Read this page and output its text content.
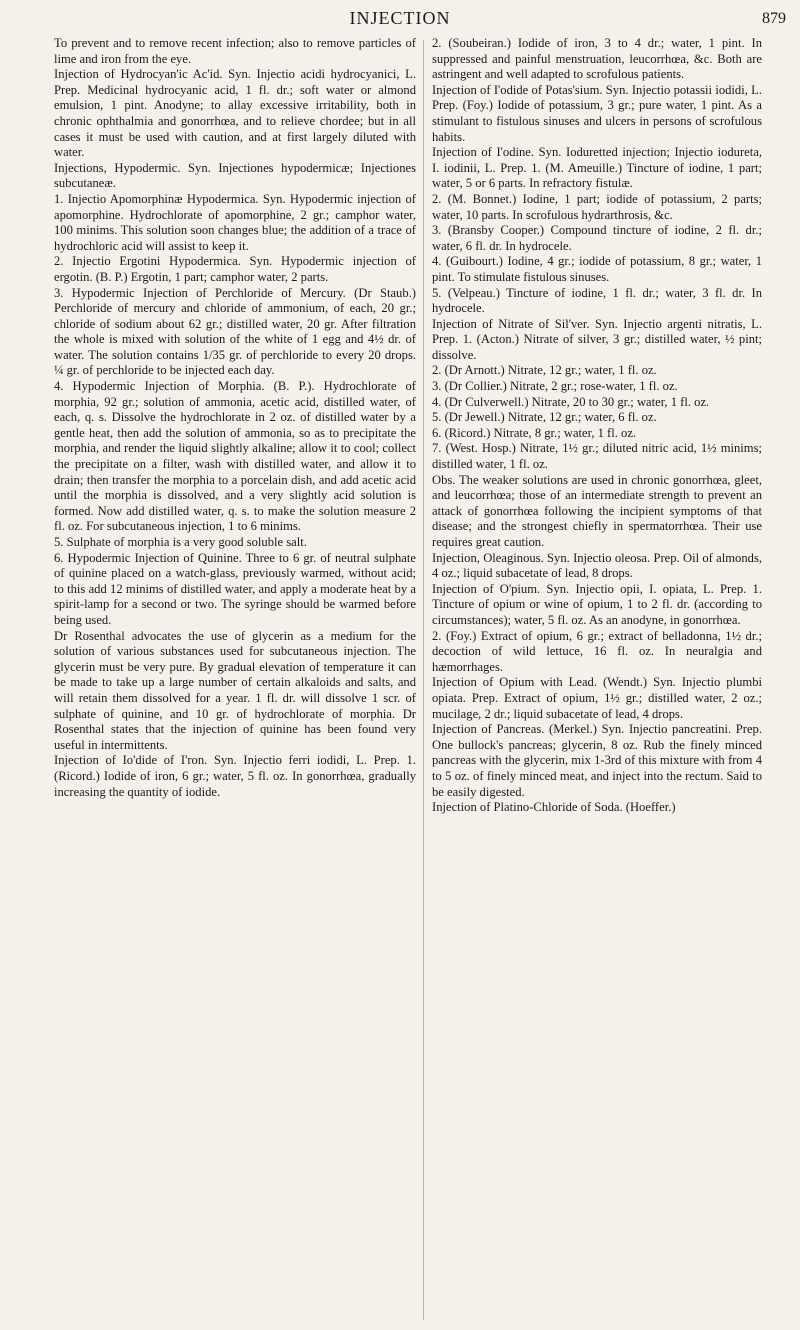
INJECTION	879

To prevent and to remove recent infection; also to remove particles of lime and iron from the eye.

Injection of Hydrocyan'ic Ac'id. Syn. Injectio acidi hydrocyanici, L. Prep. Medicinal hydrocyanic acid, 1 fl. dr.; soft water or almond emulsion, 1 pint. Anodyne; to allay excessive irritability, both in chronic ophthalmia and gonorrhœa, and to relieve chordee; but in all cases it must be used with caution, and at first largely diluted with water.

Injections, Hypodermic. Syn. Injectiones hypodermicæ; Injectiones subcutaneæ.

1. Injectio Apomorphinæ Hypodermica. Syn. Hypodermic injection of apomorphine. Hydrochlorate of apomorphine, 2 gr.; camphor water, 100 minims. This solution soon changes blue; the addition of a trace of hydrochloric acid will assist to keep it.

2. Injectio Ergotini Hypodermica. Syn. Hypodermic injection of ergotin. (B. P.) Ergotin, 1 part; camphor water, 2 parts.

3. Hypodermic Injection of Perchloride of Mercury. (Dr Staub.) Perchloride of mercury and chloride of ammonium, of each, 20 gr.; chloride of sodium about 62 gr.; distilled water, 20 gr. After filtration the whole is mixed with solution of the white of 1 egg and 4½ dr. of water. The solution contains 1/35 gr. of perchloride to every 20 drops. ¼ gr. of perchloride to be injected each day.

4. Hypodermic Injection of Morphia. (B. P.). Hydrochlorate of morphia, 92 gr.; solution of ammonia, acetic acid, distilled water, of each, q. s. Dissolve the hydrochlorate in 2 oz. of distilled water by a gentle heat, then add the solution of ammonia, so as to precipitate the morphia, and render the liquid slightly alkaline; allow it to cool; collect the precipitate on a filter, wash with distilled water, and allow it to drain; then transfer the morphia to a porcelain dish, and add acetic acid until the morphia is dissolved, and a very slightly acid solution is formed. Now add distilled water, q. s. to make the solution measure 2 fl. oz. For subcutaneous injection, 1 to 6 minims.

5. Sulphate of morphia is a very good soluble salt.

6. Hypodermic Injection of Quinine. Three to 6 gr. of neutral sulphate of quinine placed on a watch-glass, previously warmed, without acid; to this add 12 minims of distilled water, and apply a moderate heat by a spirit-lamp for a second or two. The syringe should be warmed before being used.

Dr Rosenthal advocates the use of glycerin as a medium for the solution of various substances used for subcutaneous injection. The glycerin must be very pure. By gradual elevation of temperature it can be made to take up a large number of certain alkaloids and salts, and will retain them dissolved for a year. 1 fl. dr. will dissolve 1 scr. of sulphate of quinine, and 10 gr. of hydrochlorate of morphia. Dr Rosenthal states that the injection of quinine has been found very useful in intermittents.

Injection of Io'dide of I'ron. Syn. Injectio ferri iodidi, L. Prep. 1. (Ricord.) Iodide of iron, 6 gr.; water, 5 fl. oz. In gonorrhœa, gradually increasing the quantity of iodide.

2. (Soubeiran.) Iodide of iron, 3 to 4 dr.; water, 1 pint. In suppressed and painful menstruation, leucorrhœa, &c. Both are astringent and well adapted to scrofulous patients.

Injection of I'odide of Potas'sium. Syn. Injectio potassii iodidi, L. Prep. (Foy.) Iodide of potassium, 3 gr.; pure water, 1 pint. As a stimulant to fistulous sinuses and ulcers in persons of scrofulous habits.

Injection of I'odine. Syn. Ioduretted injection; Injectio iodureta, I. iodinii, L. Prep. 1. (M. Ameuille.) Tincture of iodine, 1 part; water, 5 or 6 parts. In refractory fistulæ.

2. (M. Bonnet.) Iodine, 1 part; iodide of potassium, 2 parts; water, 10 parts. In scrofulous hydrarthrosis, &c.

3. (Bransby Cooper.) Compound tincture of iodine, 2 fl. dr.; water, 6 fl. dr. In hydrocele.

4. (Guibourt.) Iodine, 4 gr.; iodide of potassium, 8 gr.; water, 1 pint. To stimulate fistulous sinuses.

5. (Velpeau.) Tincture of iodine, 1 fl. dr.; water, 3 fl. dr. In hydrocele.

Injection of Nitrate of Sil'ver. Syn. Injectio argenti nitratis, L. Prep. 1. (Acton.) Nitrate of silver, 3 gr.; distilled water, ½ pint; dissolve.

2. (Dr Arnott.) Nitrate, 12 gr.; water, 1 fl. oz.

3. (Dr Collier.) Nitrate, 2 gr.; rose-water, 1 fl. oz.

4. (Dr Culverwell.) Nitrate, 20 to 30 gr.; water, 1 fl. oz.

5. (Dr Jewell.) Nitrate, 12 gr.; water, 6 fl. oz.

6. (Ricord.) Nitrate, 8 gr.; water, 1 fl. oz.

7. (West. Hosp.) Nitrate, 1½ gr.; diluted nitric acid, 1½ minims; distilled water, 1 fl. oz.

Obs. The weaker solutions are used in chronic gonorrhœa, gleet, and leucorrhœa; those of an intermediate strength to prevent an attack of gonorrhœa following the incipient symptoms of that disease; and the strongest chiefly in spermatorrhœa. Their use requires great caution.

Injection, Oleaginous. Syn. Injectio oleosa. Prep. Oil of almonds, 4 oz.; liquid subacetate of lead, 8 drops.

Injection of O'pium. Syn. Injectio opii, I. opiata, L. Prep. 1. Tincture of opium or wine of opium, 1 to 2 fl. dr. (according to circumstances); water, 5 fl. oz. As an anodyne, in gonorrhœa.

2. (Foy.) Extract of opium, 6 gr.; extract of belladonna, 1½ dr.; decoction of wild lettuce, 16 fl. oz. In neuralgia and hæmorrhages.

Injection of Opium with Lead. (Wendt.) Syn. Injectio plumbi opiata. Prep. Extract of opium, 1½ gr.; distilled water, 2 oz.; mucilage, 2 dr.; liquid subacetate of lead, 4 drops.

Injection of Pancreas. (Merkel.) Syn. Injectio pancreatini. Prep. One bullock's pancreas; glycerin, 8 oz. Rub the finely minced pancreas with the glycerin, mix 1-3rd of this mixture with from 4 to 5 oz. of finely minced meat, and inject into the rectum. Said to be easily digested.

Injection of Platino-Chloride of Soda. (Hoeffer.)
